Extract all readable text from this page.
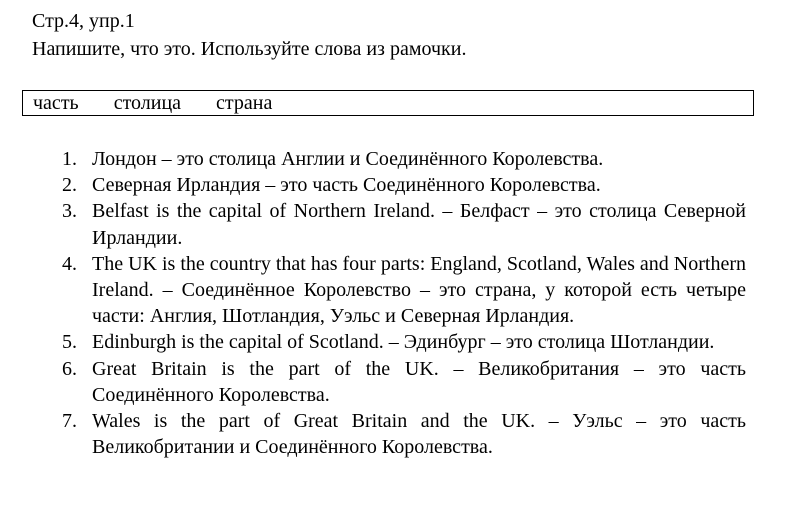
Стр.4, упр.1
Напишите, что это. Используйте слова из рамочки.
часть столица страна
1. Лондон – это столица Англии и Соединённого Королевства.
2. Северная Ирландия – это часть Соединённого Королевства.
3. Belfast is the capital of Northern Ireland. – Белфаст – это столица Северной Ирландии.
4. The UK is the country that has four parts: England, Scotland, Wales and Northern Ireland. – Соединённое Королевство – это страна, у которой есть четыре части: Англия, Шотландия, Уэльс и Северная Ирландия.
5. Edinburgh is the capital of Scotland. – Эдинбург – это столица Шотландии.
6. Great Britain is the part of the UK. – Великобритания – это часть Соединённого Королевства.
7. Wales is the part of Great Britain and the UK. – Уэльс – это часть Великобритании и Соединённого Королевства.
